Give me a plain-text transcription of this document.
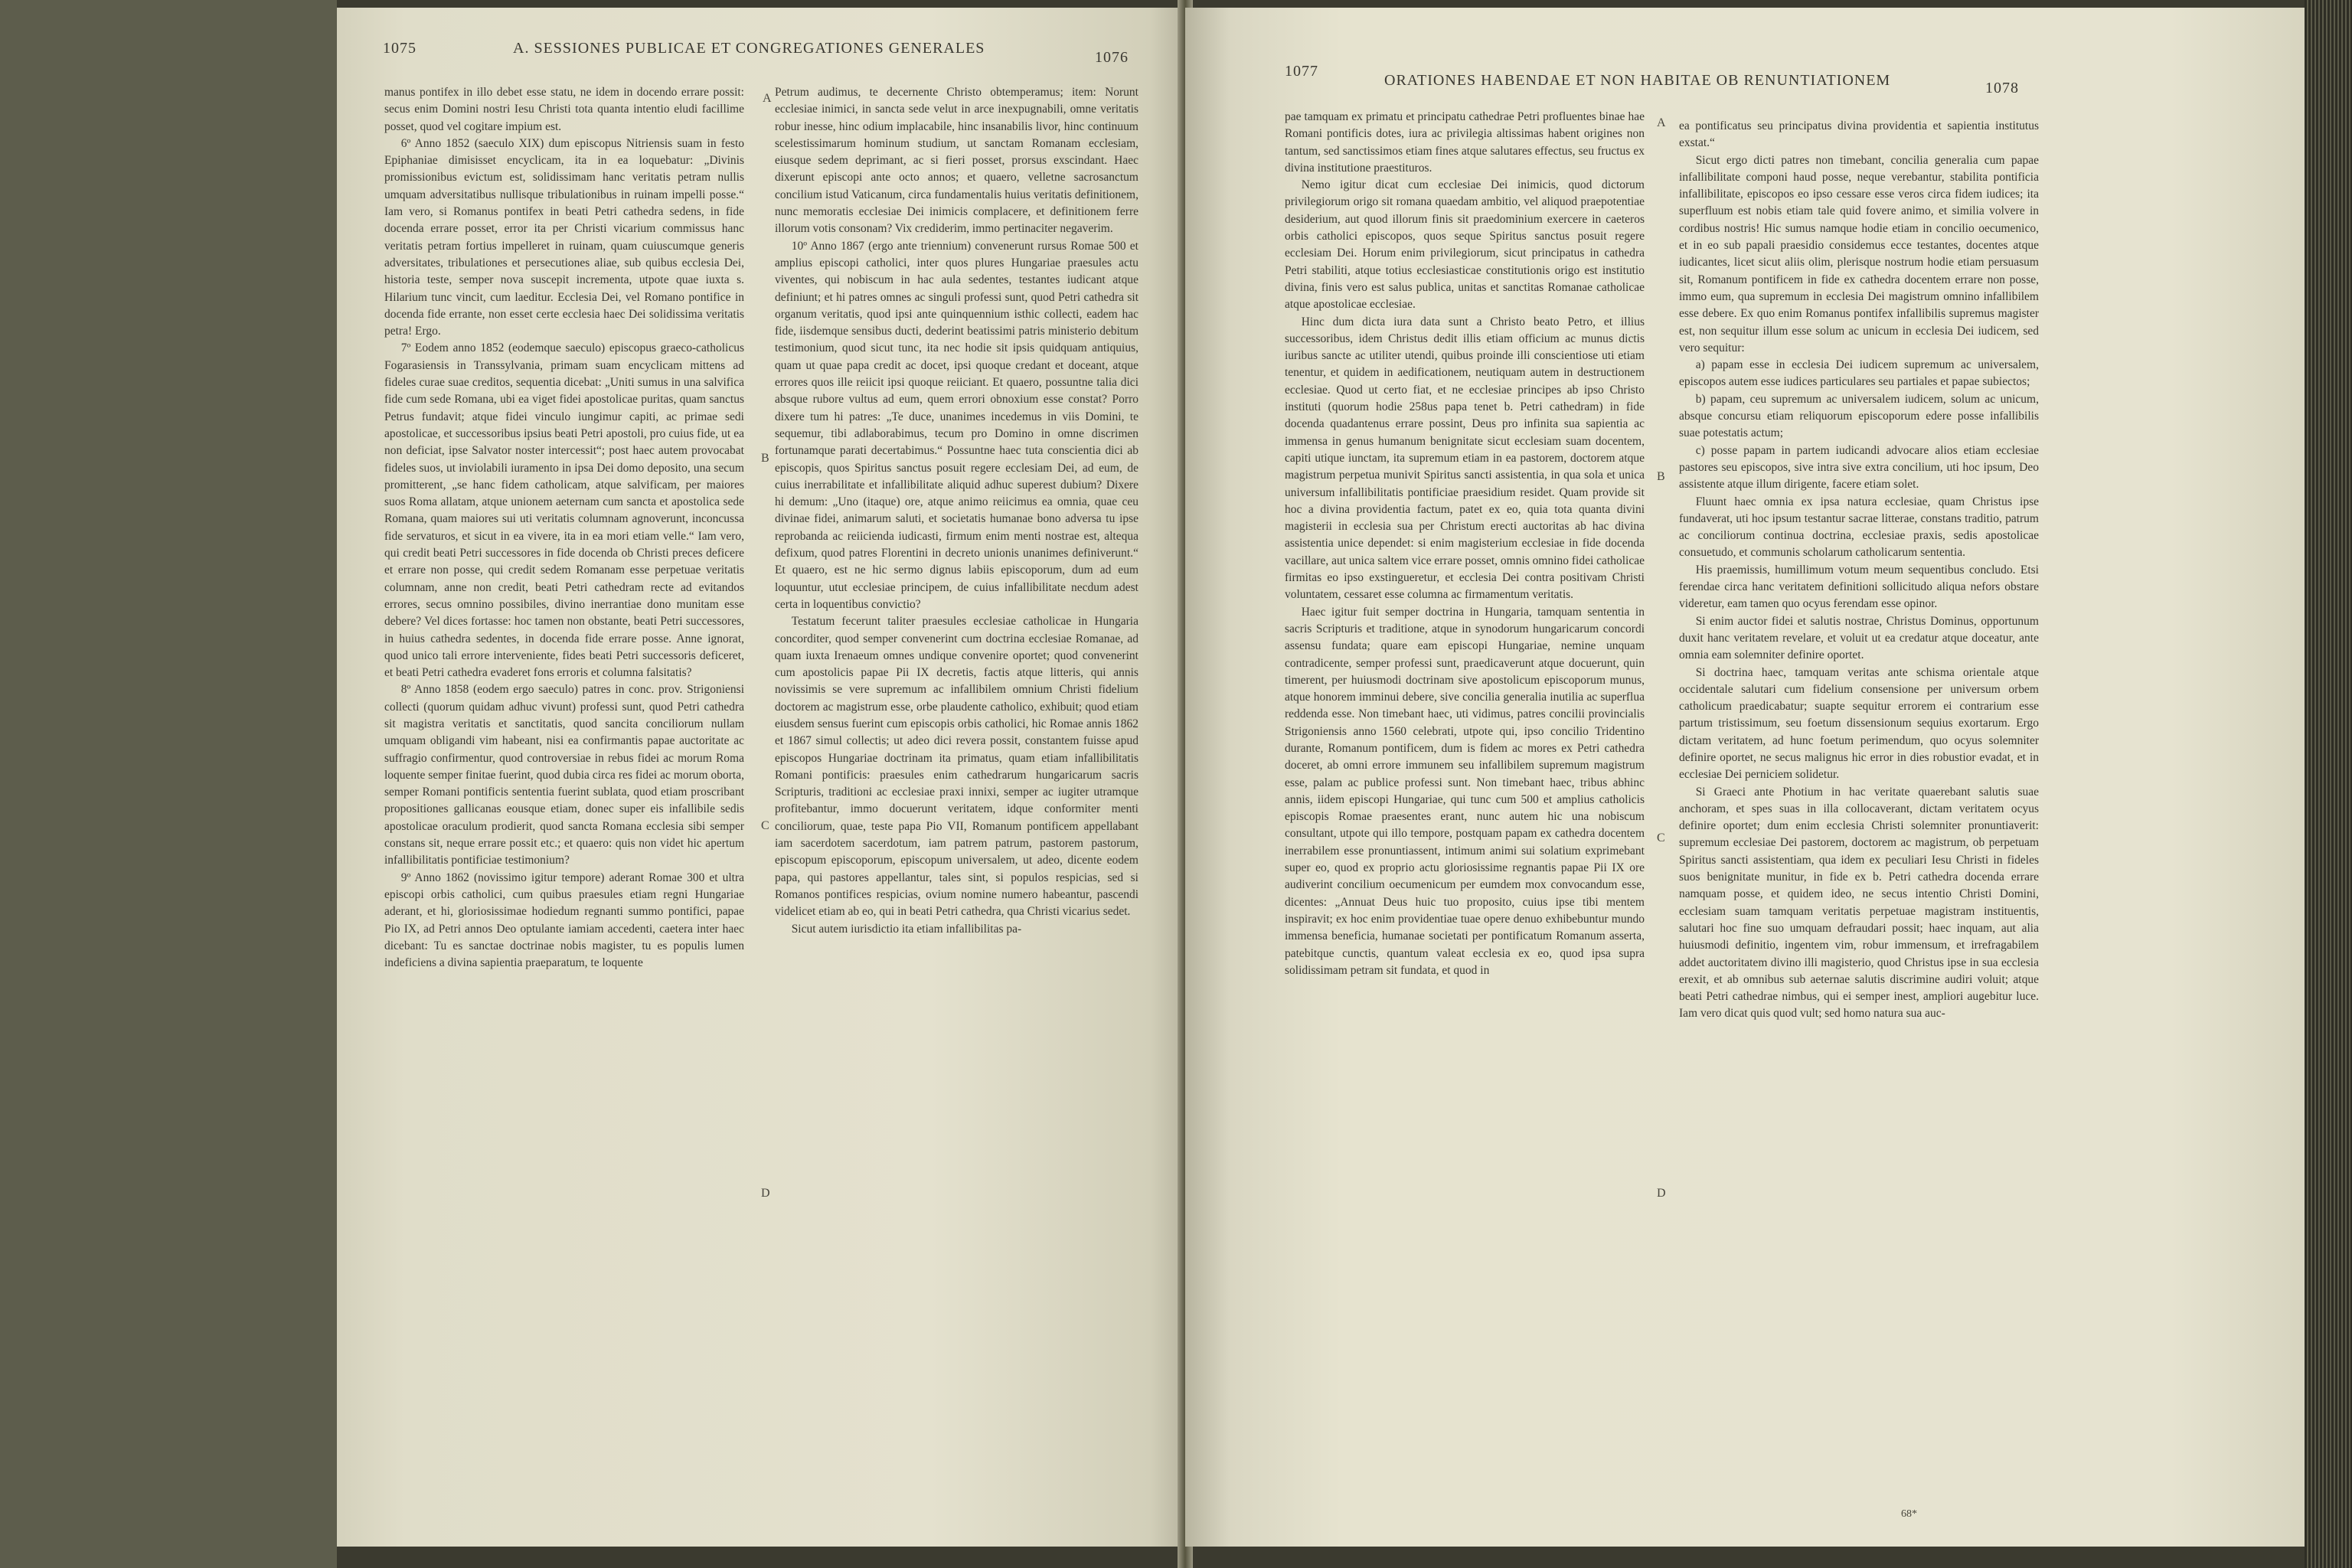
1075	A. SESSIONES PUBLICAE ET CONGREGATIONES GENERALES
1076

manus pontifex in illo debet esse statu, ne idem in docendo errare possit: secus enim Domini nostri Iesu Christi tota quanta intentio eludi facillime posset, quod vel cogitare impium est.

6º Anno 1852 (saeculo XIX) dum episcopus Nitriensis suam in festo Epiphaniae dimisisset encyclicam, ita in ea loquebatur: „Divinis promissionibus evictum est, solidissimam hanc veritatis petram nullis umquam adversitatibus nullisque tribulationibus in ruinam impelli posse.“ Iam vero, si Romanus pontifex in beati Petri cathedra sedens, in fide docenda errare posset, error ita per Christi vicarium commissus hanc veritatis petram fortius impelleret in ruinam, quam cuiuscumque generis adversitates, tribulationes et persecutiones aliae, sub quibus ecclesia Dei, historia teste, semper nova suscepit incrementa, utpote quae iuxta s. Hilarium tunc vincit, cum laeditur. Ecclesia Dei, vel Romano pontifice in docenda fide errante, non esset certe ecclesia haec Dei solidissima veritatis petra! Ergo.

7º Eodem anno 1852 (eodemque saeculo) episcopus graeco-catholicus Fogarasiensis in Transsylvania, primam suam encyclicam mittens ad fideles curae suae creditos, sequentia dicebat: „Uniti sumus in una salvifica fide cum sede Romana, ubi ea viget fidei apostolicae puritas, quam sanctus Petrus fundavit; atque fidei vinculo iungimur capiti, ac primae sedi apostolicae, et successoribus ipsius beati Petri apostoli, pro cuius fide, ut ea non deficiat, ipse Salvator noster intercessit“; post haec autem provocabat fideles suos, ut inviolabili iuramento in ipsa Dei domo deposito, una secum promitterent, „se hanc fidem catholicam, atque salvificam, per maiores suos Roma allatam, atque unionem aeternam cum sancta et apostolica sede Romana, quam maiores sui uti veritatis columnam agnoverunt, inconcussa fide servaturos, et sicut in ea vivere, ita in ea mori etiam velle.“ Iam vero, qui credit beati Petri successores in fide docenda ob Christi preces deficere et errare non posse, qui credit sedem Romanam esse perpetuae veritatis columnam, anne non credit, beati Petri cathedram recte ad evitandos errores, secus omnino possibiles, divino inerrantiae dono munitam esse debere? Vel dices fortasse: hoc tamen non obstante, beati Petri successores, in huius cathedra sedentes, in docenda fide errare posse. Anne ignorat, quod unico tali errore interveniente, fides beati Petri successoris deficeret, et beati Petri cathedra evaderet fons erroris et columna falsitatis?

8º Anno 1858 (eodem ergo saeculo) patres in conc. prov. Strigoniensi collecti (quorum quidam adhuc vivunt) professi sunt, quod Petri cathedra sit magistra veritatis et sanctitatis, quod sancita conciliorum nullam umquam obligandi vim habeant, nisi ea confirmantis papae auctoritate ac suffragio confirmentur, quod controversiae in rebus fidei ac morum Roma loquente semper finitae fuerint, quod dubia circa res fidei ac morum oborta, semper Romani pontificis sententia fuerint sublata, quod etiam proscribant propositiones gallicanas eousque etiam, donec super eis infallibile sedis apostolicae oraculum prodierit, quod sancta Romana ecclesia sibi semper constans sit, neque errare possit etc.; et quaero: quis non videt hic apertum infallibilitatis pontificiae testimonium?

9º Anno 1862 (novissimo igitur tempore) aderant Romae 300 et ultra episcopi orbis catholici, cum quibus praesules etiam regni Hungariae aderant, et hi, gloriosissimae hodiedum regnanti summo pontifici, papae Pio IX, ad Petri annos Deo optulante iamiam accedenti, caetera inter haec dicebant: Tu es sanctae doctrinae nobis magister, tu es populis lumen indeficiens a divina sapientia praeparatum, te loquente

Petrum audimus, te decernente Christo obtemperamus; item: Norunt ecclesiae inimici, in sancta sede velut in arce inexpugnabili, omne veritatis robur inesse, hinc odium implacabile, hinc insanabilis livor, hinc continuum scelestissimarum hominum studium, ut sanctam Romanam ecclesiam, eiusque sedem deprimant, ac si fieri posset, prorsus exscindant. Haec dixerunt episcopi ante octo annos; et quaero, velletne sacrosanctum concilium istud Vaticanum, circa fundamentalis huius veritatis definitionem, nunc memoratis ecclesiae Dei inimicis complacere, et definitionem ferre illorum votis consonam? Vix crediderim, immo pertinaciter negaverim.

10º Anno 1867 (ergo ante triennium) convenerunt rursus Romae 500 et amplius episcopi catholici, inter quos plures Hungariae praesules actu viventes, qui nobiscum in hac aula sedentes, testantes iudicant atque definiunt; et hi patres omnes ac singuli professi sunt, quod Petri cathedra sit organum veritatis, quod ipsi ante quinquennium isthic collecti, eadem hac fide, iisdemque sensibus ducti, dederint beatissimi patris ministerio debitum testimonium, quod sicut tunc, ita nec hodie sit ipsis quidquam antiquius, quam ut quae papa credit ac docet, ipsi quoque credant et doceant, atque errores quos ille reiicit ipsi quoque reiiciant. Et quaero, possuntne talia dici absque rubore vultus ad eum, quem errori obnoxium esse constat? Porro dixere tum hi patres: „Te duce, unanimes incedemus in viis Domini, te sequemur, tibi adlaborabimus, tecum pro Domino in omne discrimen fortunamque parati decertabimus.“ Possuntne haec tuta conscientia dici ab episcopis, quos Spiritus sanctus posuit regere ecclesiam Dei, ad eum, de cuius inerrabilitate et infallibilitate aliquid adhuc superest dubium? Dixere hi demum: „Uno (itaque) ore, atque animo reiicimus ea omnia, quae ceu divinae fidei, animarum saluti, et societatis humanae bono adversa tu ipse reprobanda ac reiicienda iudicasti, firmum enim menti nostrae est, altequa defixum, quod patres Florentini in decreto unionis unanimes definiverunt.“ Et quaero, est ne hic sermo dignus labiis episcoporum, dum ad eum loquuntur, utut ecclesiae principem, de cuius infallibilitate necdum adest certa in loquentibus convictio?

Testatum fecerunt taliter praesules ecclesiae catholicae in Hungaria concorditer, quod semper convenerint cum doctrina ecclesiae Romanae, ad quam iuxta Irenaeum omnes undique convenire oportet; quod convenerint cum apostolicis papae Pii IX decretis, factis atque litteris, qui annis novissimis se vere supremum ac infallibilem omnium Christi fidelium doctorem ac magistrum esse, orbe plaudente catholico, exhibuit; quod etiam eiusdem sensus fuerint cum episcopis orbis catholici, hic Romae annis 1862 et 1867 simul collectis; ut adeo dici revera possit, constantem fuisse apud episcopos Hungariae doctrinam ita primatus, quam etiam infallibilitatis Romani pontificis: praesules enim cathedrarum hungaricarum sacris Scripturis, traditioni ac ecclesiae praxi innixi, semper ac iugiter utramque profitebantur, immo docuerunt veritatem, idque conformiter menti conciliorum, quae, teste papa Pio VII, Romanum pontificem appellabant iam sacerdotem sacerdotum, iam patrem patrum, pastorem pastorum, episcopum episcoporum, episcopum universalem, ut adeo, dicente eodem papa, qui pastores appellantur, tales sint, si populos respicias, sed si Romanos pontifices respicias, ovium nomine numero habeantur, pascendi videlicet etiam ab eo, qui in beati Petri cathedra, qua Christi vicarius sedet.

Sicut autem iurisdictio ita etiam infallibilitas pa-

A
B
C
D
1077
ORATIONES HABENDAE ET NON HABITAE OB RENUNTIATIONEM	1078

pae tamquam ex primatu et principatu cathedrae Petri profluentes binae hae Romani pontificis dotes, iura ac privilegia altissimas habent origines non tantum, sed sanctissimos etiam fines atque salutares effectus, seu fructus ex divina institutione praestituros.

Nemo igitur dicat cum ecclesiae Dei inimicis, quod dictorum privilegiorum origo sit romana quaedam ambitio, vel aliquod praepotentiae desiderium, aut quod illorum finis sit praedominium exercere in caeteros orbis catholici episcopos, quos seque Spiritus sanctus posuit regere ecclesiam Dei. Horum enim privilegiorum, sicut principatus in cathedra Petri stabiliti, atque totius ecclesiasticae constitutionis origo est institutio divina, finis vero est salus publica, unitas et sanctitas Romanae catholicae atque apostolicae ecclesiae.

Hinc dum dicta iura data sunt a Christo beato Petro, et illius successoribus, idem Christus dedit illis etiam officium ac munus dictis iuribus sancte ac utiliter utendi, quibus proinde illi conscientiose uti etiam tenentur, et quidem in aedificationem, neutiquam autem in destructionem ecclesiae. Quod ut certo fiat, et ne ecclesiae principes ab ipso Christo instituti (quorum hodie 258us papa tenet b. Petri cathedram) in fide docenda quadantenus errare possint, Deus pro infinita sua sapientia ac immensa in genus humanum benignitate sicut ecclesiam suam docentem, capiti utique iunctam, ita supremum etiam in ea pastorem, doctorem atque magistrum perpetua munivit Spiritus sancti assistentia, in qua sola et unica universum infallibilitatis pontificiae praesidium residet. Quam provide sit hoc a divina providentia factum, patet ex eo, quia tota quanta divini magisterii in ecclesia sua per Christum erecti auctoritas ab hac divina assistentia unice dependet: si enim magisterium ecclesiae in fide docenda vacillare, aut unica saltem vice errare posset, omnis omnino fidei catholicae firmitas eo ipso exstingueretur, et ecclesia Dei contra positivam Christi voluntatem, cessaret esse columna ac firmamentum veritatis.

Haec igitur fuit semper doctrina in Hungaria, tamquam sententia in sacris Scripturis et traditione, atque in synodorum hungaricarum concordi assensu fundata; quare eam episcopi Hungariae, nemine unquam contradicente, semper professi sunt, praedicaverunt atque docuerunt, quin timerent, per huiusmodi doctrinam sive apostolicum episcoporum munus, atque honorem imminui debere, sive concilia generalia inutilia ac superflua reddenda esse. Non timebant haec, uti vidimus, patres concilii provincialis Strigoniensis anno 1560 celebrati, utpote qui, ipso concilio Tridentino durante, Romanum pontificem, dum is fidem ac mores ex Petri cathedra doceret, ab omni errore immunem seu infallibilem supremum magistrum esse, palam ac publice professi sunt. Non timebant haec, tribus abhinc annis, iidem episcopi Hungariae, qui tunc cum 500 et amplius catholicis episcopis Romae praesentes erant, nunc autem hic una nobiscum consultant, utpote qui illo tempore, postquam papam ex cathedra docentem inerrabilem esse pronuntiassent, intimum animi sui solatium exprimebant super eo, quod ex proprio actu gloriosissime regnantis papae Pii IX ore audiverint concilium oecumenicum per eumdem mox convocandum esse, dicentes: „Annuat Deus huic tuo proposito, cuius ipse tibi mentem inspiravit; ex hoc enim providentiae tuae opere denuo exhibebuntur mundo immensa beneficia, humanae societati per pontificatum Romanum asserta, patebitque cunctis, quantum valeat ecclesia ex eo, quod ipsa supra solidissimam petram sit fundata, et quod in

ea pontificatus seu principatus divina providentia et sapientia institutus exstat.“

Sicut ergo dicti patres non timebant, concilia generalia cum papae infallibilitate componi haud posse, neque verebantur, stabilita pontificia infallibilitate, episcopos eo ipso cessare esse veros circa fidem iudices; ita superfluum est nobis etiam tale quid fovere animo, et similia volvere in cordibus nostris! Hic sumus namque hodie etiam in concilio oecumenico, et in eo sub papali praesidio considemus ecce testantes, docentes atque iudicantes, licet sicut aliis olim, plerisque nostrum hodie etiam persuasum sit, Romanum pontificem in fide ex cathedra docentem errare non posse, immo eum, qua supremum in ecclesia Dei magistrum omnino infallibilem esse debere. Ex quo enim Romanus pontifex infallibilis supremus magister est, non sequitur illum esse solum ac unicum in ecclesia Dei iudicem, sed vero sequitur:

a) papam esse in ecclesia Dei iudicem supremum ac universalem, episcopos autem esse iudices particulares seu partiales et papae subiectos;

b) papam, ceu supremum ac universalem iudicem, solum ac unicum, absque concursu etiam reliquorum episcoporum edere posse infallibilis suae potestatis actum;

c) posse papam in partem iudicandi advocare alios etiam ecclesiae pastores seu episcopos, sive intra sive extra concilium, uti hoc ipsum, Deo assistente atque illum dirigente, facere etiam solet.

Fluunt haec omnia ex ipsa natura ecclesiae, quam Christus ipse fundaverat, uti hoc ipsum testantur sacrae litterae, constans traditio, patrum ac conciliorum continua doctrina, ecclesiae praxis, sedis apostolicae consuetudo, et communis scholarum catholicarum sententia.

His praemissis, humillimum votum meum sequentibus concludo. Etsi ferendae circa hanc veritatem definitioni sollicitudo aliqua nefors obstare videretur, eam tamen quo ocyus ferendam esse opinor.

Si enim auctor fidei et salutis nostrae, Christus Dominus, opportunum duxit hanc veritatem revelare, et voluit ut ea credatur atque doceatur, ante omnia eam solemniter definire oportet.

Si doctrina haec, tamquam veritas ante schisma orientale atque occidentale salutari cum fidelium consensione per universum orbem catholicum praedicabatur; suapte sequitur errorem ei contrarium esse partum tristissimum, seu foetum dissensionum sequius exortarum. Ergo dictam veritatem, ad hunc foetum perimendum, quo ocyus solemniter definire oportet, ne secus malignus hic error in dies robustior evadat, et in ecclesiae Dei perniciem solidetur.

Si Graeci ante Photium in hac veritate quaerebant salutis suae anchoram, et spes suas in illa collocaverant, dictam veritatem ocyus definire oportet; dum enim ecclesia Christi solemniter pronuntiaverit: supremum ecclesiae Dei pastorem, doctorem ac magistrum, ob perpetuam Spiritus sancti assistentiam, qua idem ex peculiari Iesu Christi in fideles suos benignitate munitur, in fide ex b. Petri cathedra docenda errare namquam posse, et quidem ideo, ne secus intentio Christi Domini, ecclesiam suam tamquam veritatis perpetuae magistram instituentis, salutari hoc fine suo umquam defraudari possit; haec inquam, aut alia huiusmodi definitio, ingentem vim, robur immensum, et irrefragabilem addet auctoritatem divino illi magisterio, quod Christus ipse in sua ecclesia erexit, et ab omnibus sub aeternae salutis discrimine audiri voluit; atque beati Petri cathedrae nimbus, qui ei semper inest, ampliori augebitur luce. Iam vero dicat quis quod vult; sed homo natura sua auc-

A
B
C
D
68*
